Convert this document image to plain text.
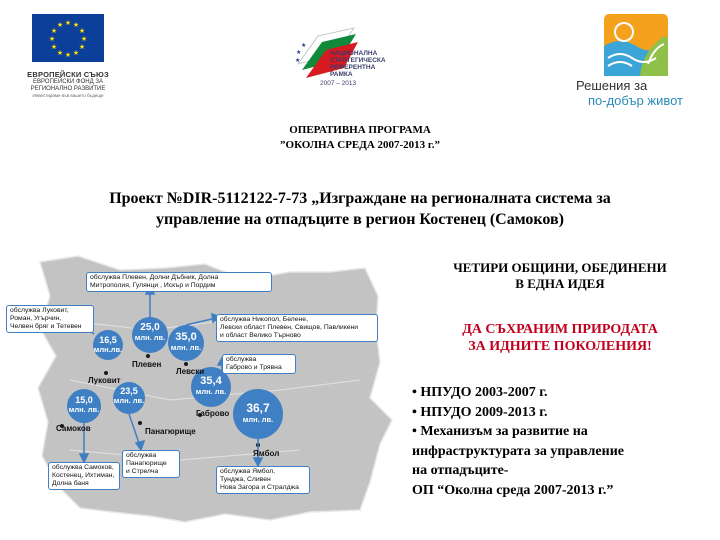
★ ★
★
★
★
★
★
★
★
★
★
★
ЕВРОПЕЙСКИ СЪЮЗ
ЕВРОПЕЙСКИ ФОНД ЗА
РЕГИОНАЛНО РАЗВИТИЕ
Инвестираме във вашето бъдеще
★
★
★
НАЦИОНАЛНА СТРАТЕГИЧЕСКА РЕФЕРЕНТНА РАМКА
2007 – 2013	Решения за
по-добър живот
ОПЕРАТИВНА ПРОГРАМА
”ОКОЛНА СРЕДА 2007-2013 г.”
Проект №DIR-5112122-7-73 „Изграждане на регионалната система за
управление на отпадъците в регион Костенец (Самоков)
25,0
млн. лв. 35,0
млн. лв.
16,5
млн.лв.
35,4
млн. лв.
23,5
млн. лв.
15,0
млн. лв.	36,7
млн. лв.
Плевен
Левски
Луковит
Габрово
Самоков	Панагюрище
Ямбол
обслужва Плевен, Долни Дъбник, Долна
Митрополия, Гулянци , Искър и Пордим
обслужва Луковит,
Роман, Угърчин,
Челвен бряг и Тетевен
обслужва Никопол, Белене,
Левски област Плевен, Свищов, Павликени
и област Велико Търново
обслужва
Габрово и Трявна
обслужва Самоков,
Костенец, Ихтиман,
Долна баня
обслужва
Панагюрище
и Стрелча	обслужва Ямбол,
Тунджа, Сливен
Нова Загора и Стралджа
ЧЕТИРИ ОБЩИНИ, ОБЕДИНЕНИ
В ЕДНА ИДЕЯ
ДА СЪХРАНИМ ПРИРОДАТА
ЗА ИДНИТЕ ПОКОЛЕНИЯ!
• НПУДО 2003-2007 г.
• НПУДО 2009-2013 г.
• Механизъм за развитие на
инфраструктурата за управление
на отпадъците-
ОП “Околна среда 2007-2013 г.”
